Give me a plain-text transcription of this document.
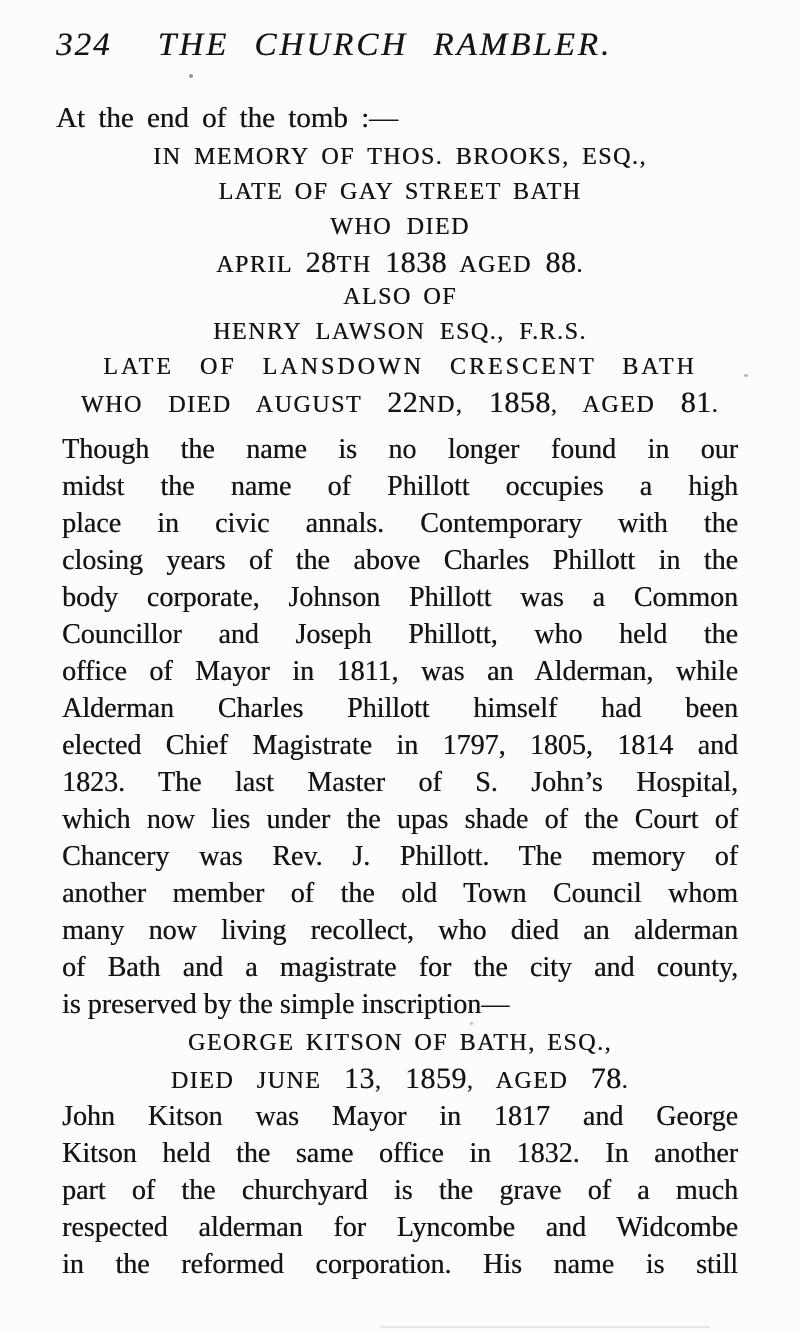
324	THE CHURCH RAMBLER.

At the end of the tomb :—

IN MEMORY OF THOS. BROOKS, ESQ.,
LATE OF GAY STREET BATH
WHO DIED
APRIL 28TH 1838 AGED 88.
ALSO OF
HENRY LAWSON ESQ., F.R.S.
LATE OF LANSDOWN CRESCENT BATH
WHO DIED AUGUST 22ND, 1858, AGED 81.
Though the name is no longer found in our
midst the name of Phillott occupies a high
place in civic annals. Contemporary with the
closing years of the above Charles Phillott in the
body corporate, Johnson Phillott was a Common
Councillor and Joseph Phillott, who held the
office of Mayor in 1811, was an Alderman, while
Alderman Charles Phillott himself had been
elected Chief Magistrate in 1797, 1805, 1814 and
1823. The last Master of S. John’s Hospital,
which now lies under the upas shade of the Court of
Chancery was Rev. J. Phillott. The memory of
another member of the old Town Council whom
many now living recollect, who died an alderman
of Bath and a magistrate for the city and county,
is preserved by the simple inscription—
GEORGE KITSON OF BATH, ESQ.,
DIED JUNE 13, 1859, AGED 78.
John Kitson was Mayor in 1817 and George
Kitson held the same office in 1832. In another
part of the churchyard is the grave of a much
respected alderman for Lyncombe and Widcombe
in the reformed corporation. His name is still
